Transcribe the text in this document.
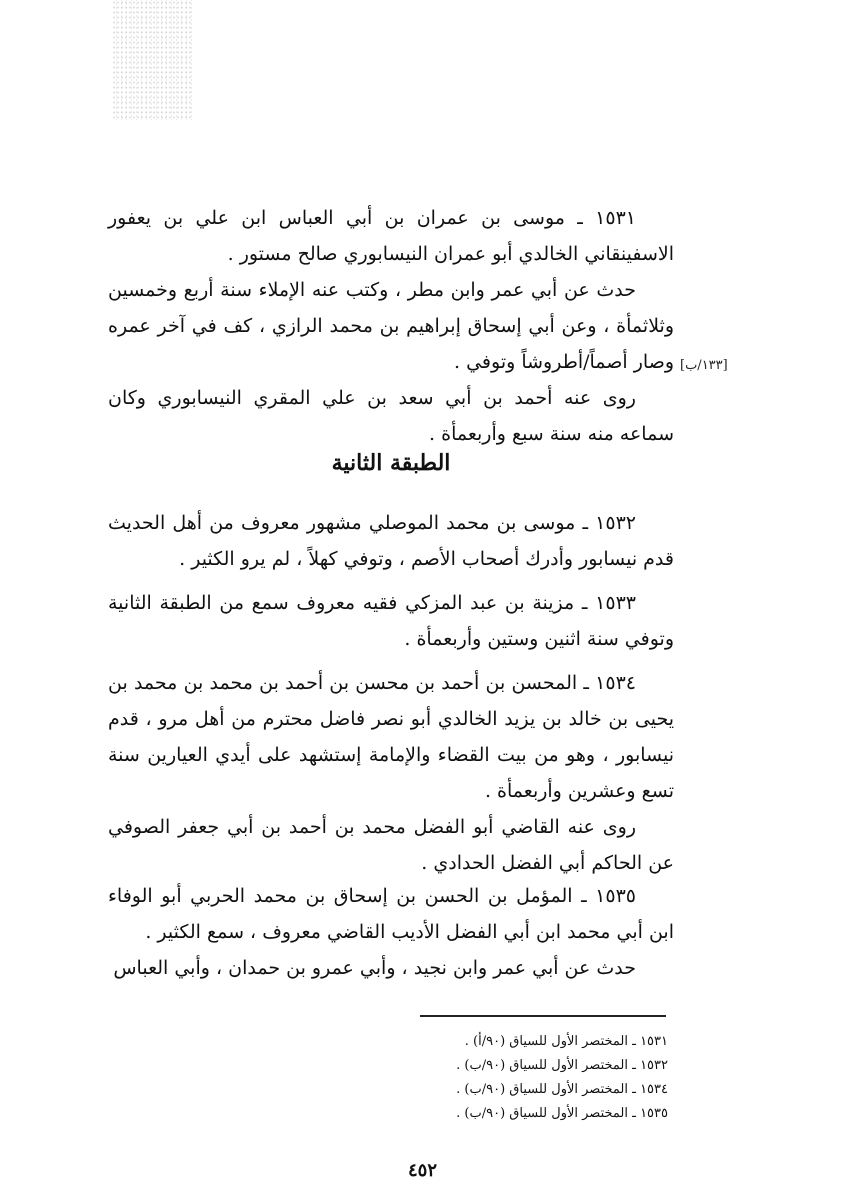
١٥٣١ ـ موسى بن عمران بن أبي العباس ابن علي بن يعفور الاسفينقاني الخالدي أبو عمران النيسابوري صالح مستور .

حدث عن أبي عمر وابن مطر ، وكتب عنه الإملاء سنة أربع وخمسين وثلاثمأة ، وعن أبي إسحاق إبراهيم بن محمد الرازي ، كف في آخر عمره وصار أصماً/أطروشاً وتوفي .

روى عنه أحمد بن أبي سعد بن علي المقري النيسابوري وكان سماعه منه سنة سبع وأربعمأة .

[١٣٣/ب]
الطبقة الثانية

١٥٣٢ ـ موسى بن محمد الموصلي مشهور معروف من أهل الحديث قدم نيسابور وأدرك أصحاب الأصم ، وتوفي كهلاً ، لم يرو الكثير .

١٥٣٣ ـ مزينة بن عبد المزكي فقيه معروف سمع من الطبقة الثانية وتوفي سنة اثنين وستين وأربعمأة .

١٥٣٤ ـ المحسن بن أحمد بن محسن بن أحمد بن محمد بن محمد بن يحيى بن خالد بن يزيد الخالدي أبو نصر فاضل محترم من أهل مرو ، قدم نيسابور ، وهو من بيت القضاء والإمامة إستشهد على أيدي العيارين سنة تسع وعشرين وأربعمأة .

روى عنه القاضي أبو الفضل محمد بن أحمد بن أبي جعفر الصوفي عن الحاكم أبي الفضل الحدادي .

١٥٣٥ ـ المؤمل بن الحسن بن إسحاق بن محمد الحربي أبو الوفاء ابن أبي محمد ابن أبي الفضل الأديب القاضي معروف ، سمع الكثير .

حدث عن أبي عمر وابن نجيد ، وأبي عمرو بن حمدان ، وأبي العباس

١٥٣١ ـ المختصر الأول للسياق (٩٠/أ) .
١٥٣٢ ـ المختصر الأول للسياق (٩٠/ب) .
١٥٣٤ ـ المختصر الأول للسياق (٩٠/ب) .
١٥٣٥ ـ المختصر الأول للسياق (٩٠/ب) .
٤٥٢
